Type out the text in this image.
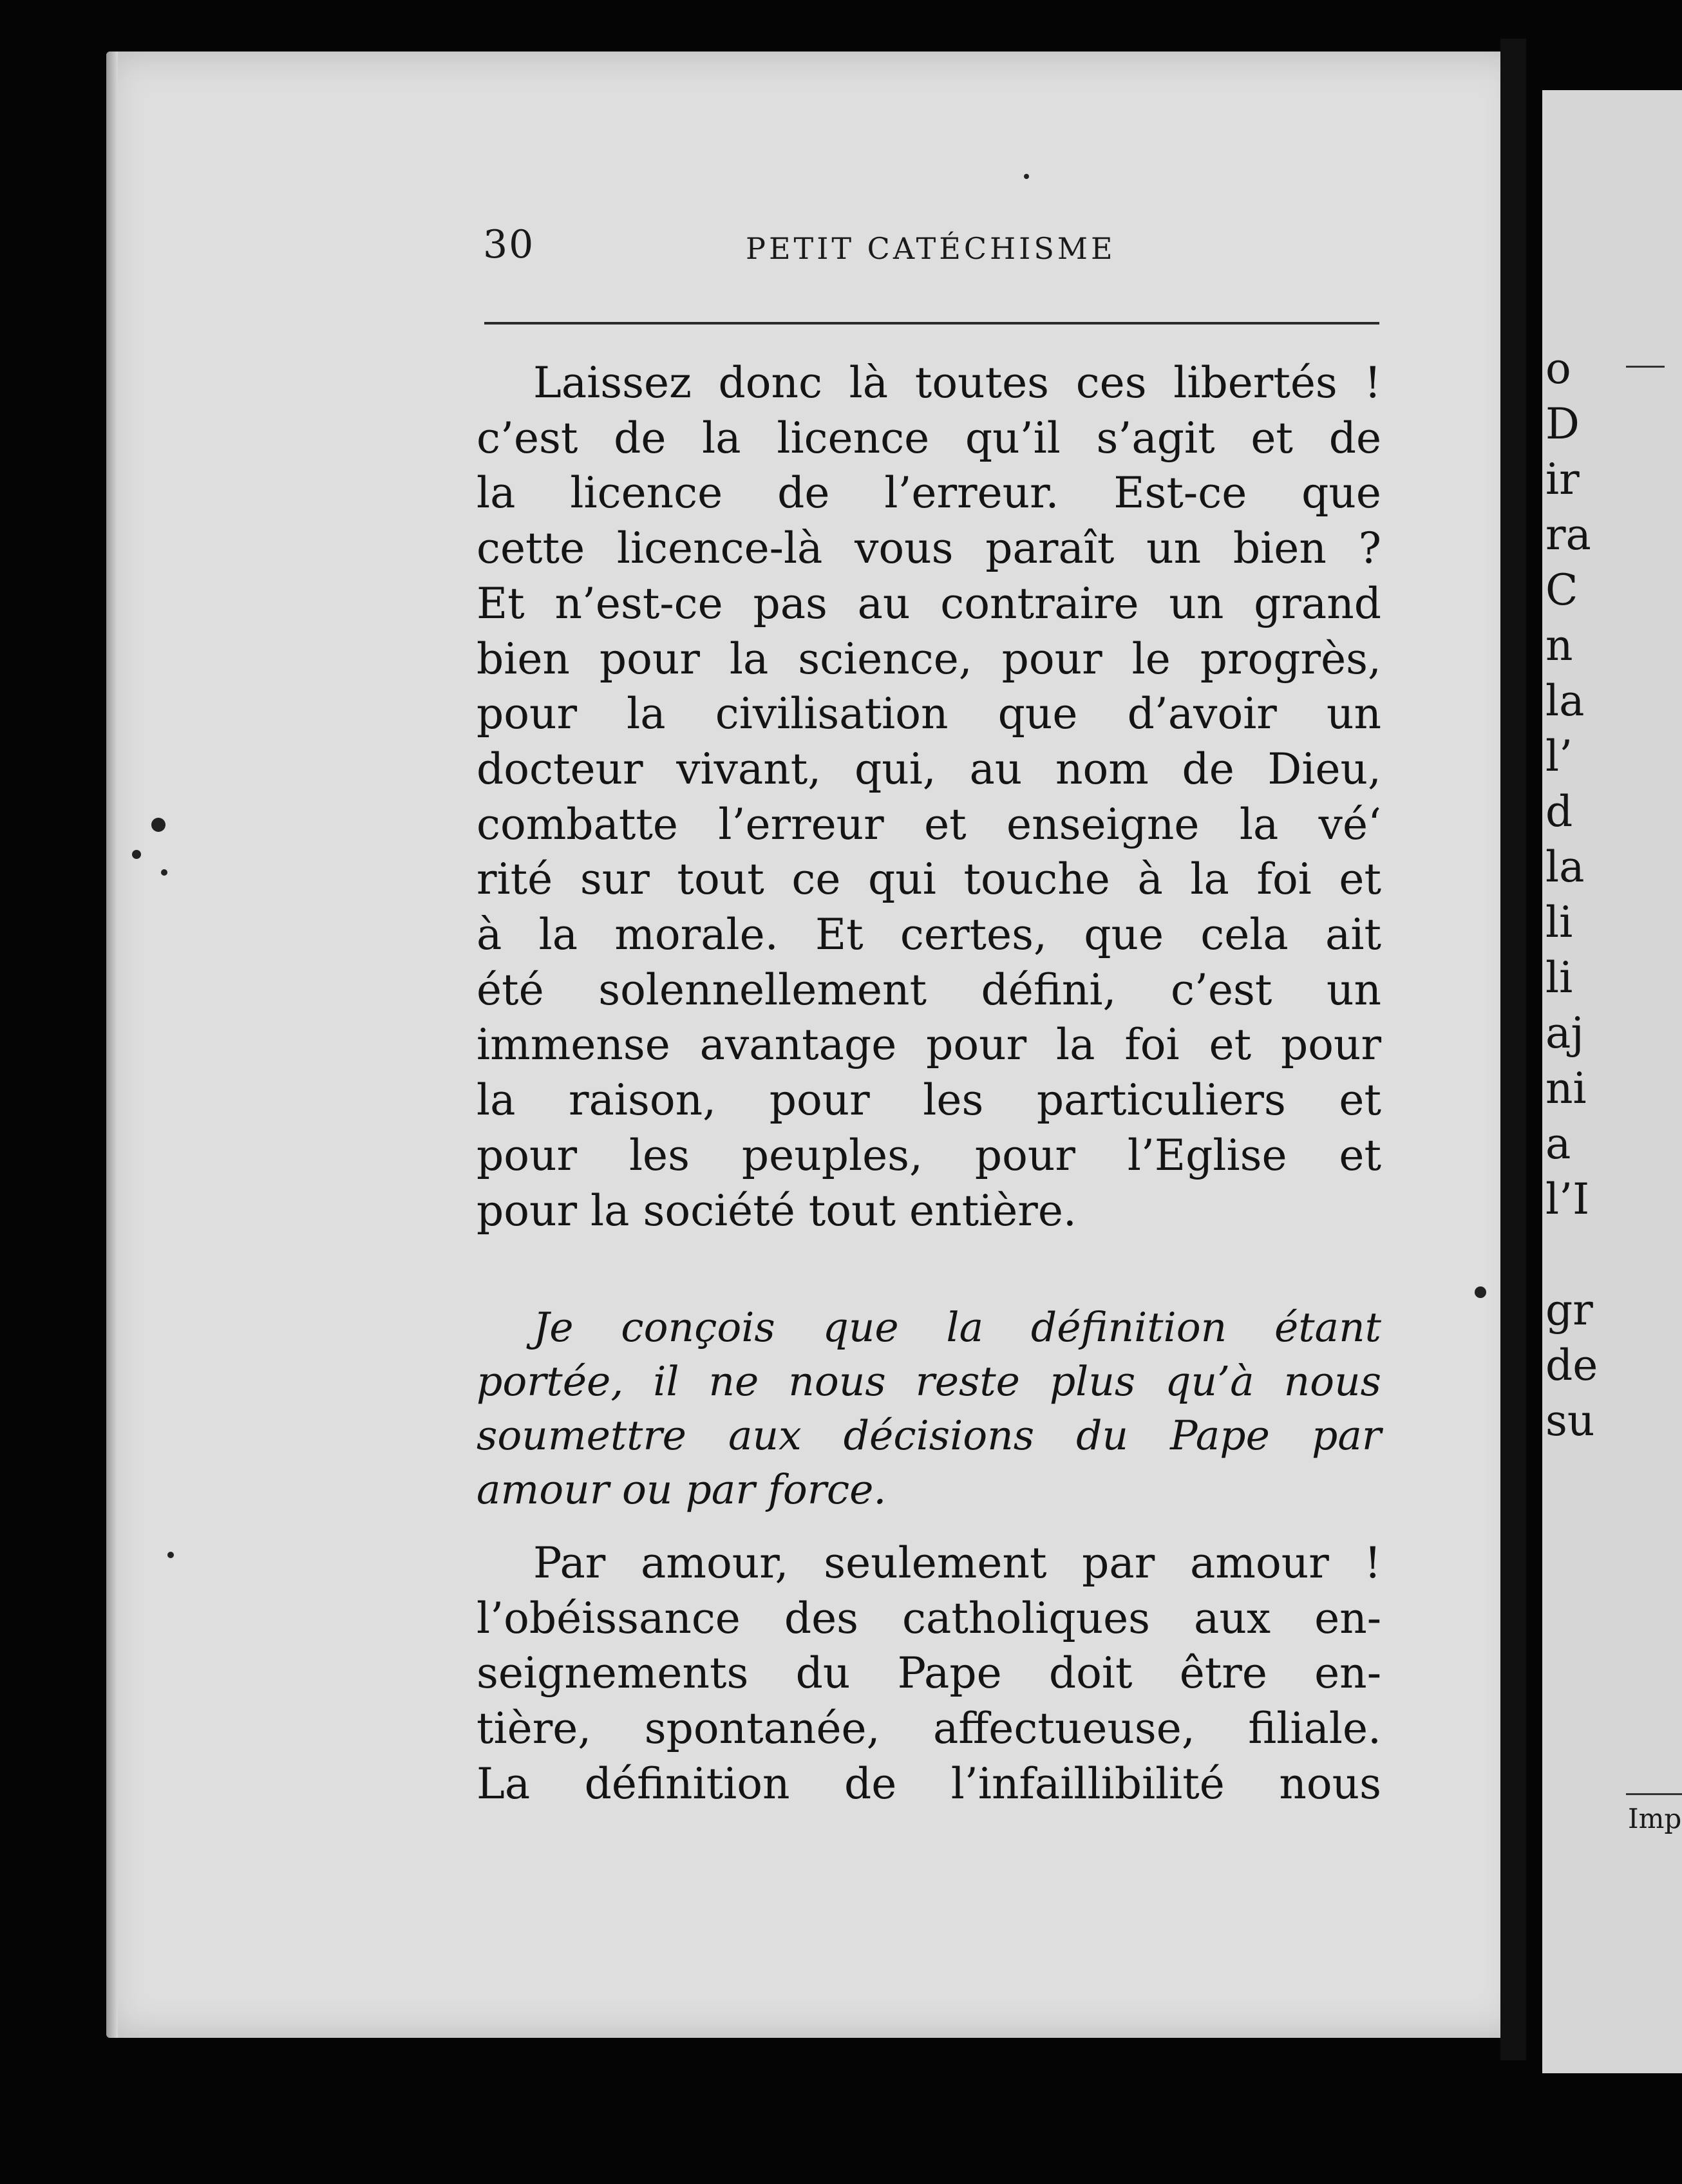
30	PETIT CATÉCHISME

Laissez donc là toutes ces libertés !
c’est de la licence qu’il s’agit et de
la licence de l’erreur. Est-ce que
cette licence-là vous paraît un bien ?
Et n’est-ce pas au contraire un grand
bien pour la science, pour le progrès,
pour la civilisation que d’avoir un
docteur vivant, qui, au nom de Dieu,
combatte l’erreur et enseigne la vé‘
rité sur tout ce qui touche à la foi et
à la morale. Et certes, que cela ait
été solennellement défini, c’est un
immense avantage pour la foi et pour
la raison, pour les particuliers et
pour les peuples, pour l’Eglise et
pour la société tout entière.

Je conçois que la définition étant
portée, il ne nous reste plus qu’à nous
soumettre aux décisions du Pape par
amour ou par force.

Par amour, seulement par amour !
l’obéissance des catholiques aux en-
seignements du Pape doit être en-
tière, spontanée, affectueuse, filiale.
La définition de l’infaillibilité nous

o
D
ir
ra
C
n
la
l’
d
la
li
li
aj
ni
a
l’I
gr
de
su
Imp
